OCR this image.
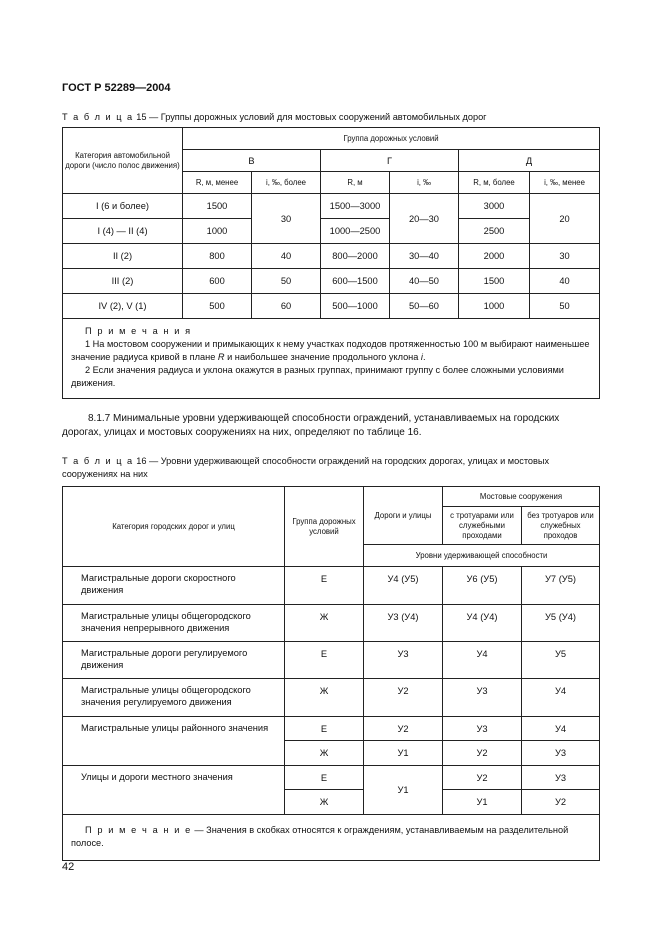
ГОСТ Р 52289—2004
Т а б л и ц а 15 — Группы дорожных условий для мостовых сооружений автомобильных дорог
Категория автомобильной дороги (число полос движения)	Группа дорожных условий					
	В		Г		Д	
	R, м, менее	i, ‰, более	R, м	i, ‰	R, м, более	i, ‰, менее
I (6 и более)	1500	30	1500—3000	20—30	3000	20
I (4) — II (4)	1000		1000—2500		2500	
II (2)	800	40	800—2000	30—40	2000	30
III (2)	600	50	600—1500	40—50	1500	40
IV (2), V (1)	500	60	500—1000	50—60	1000	50

П р и м е ч а н и я
1 На мостовом сооружении и примыкающих к нему участках подходов протяженностью 100 м выбирают наименьшее значение радиуса кривой в плане R и наибольшее значение продольного уклона i.
2 Если значения радиуса и уклона окажутся в разных группах, принимают группу с более сложными условиями движения.						
8.1.7 Минимальные уровни удерживающей способности ограждений, устанавливаемых на городских дорогах, улицах и мостовых сооружениях на них, определяют по таблице 16.
Т а б л и ц а 16 — Уровни удерживающей способности ограждений на городских дорогах, улицах и мостовых сооружениях на них
Категория городских дорог и улиц	Группа дорожных условий	Дороги и улицы	Мостовые сооружения	
			с тротуарами или служебными проходами	без тротуаров или служебных проходов
		Уровни удерживающей способности		
Магистральные дороги скоростного движения	Е	У4 (У5)	У6 (У5)	У7 (У5)
Магистральные улицы общегородского значения непрерывного движения	Ж	У3 (У4)	У4 (У4)	У5 (У4)
Магистральные дороги регулируемого движения	Е	У3	У4	У5
Магистральные улицы общегородского значения регулируемого движения	Ж	У2	У3	У4
Магистральные улицы районного значения	Е	У2	У3	У4
	Ж	У1	У2	У3
Улицы и дороги местного значения	Е	У1	У2	У3
	Ж		У1	У2

П р и м е ч а н и е — Значения в скобках относятся к ограждениям, устанавливаемым на разделительной полосе.				
42
